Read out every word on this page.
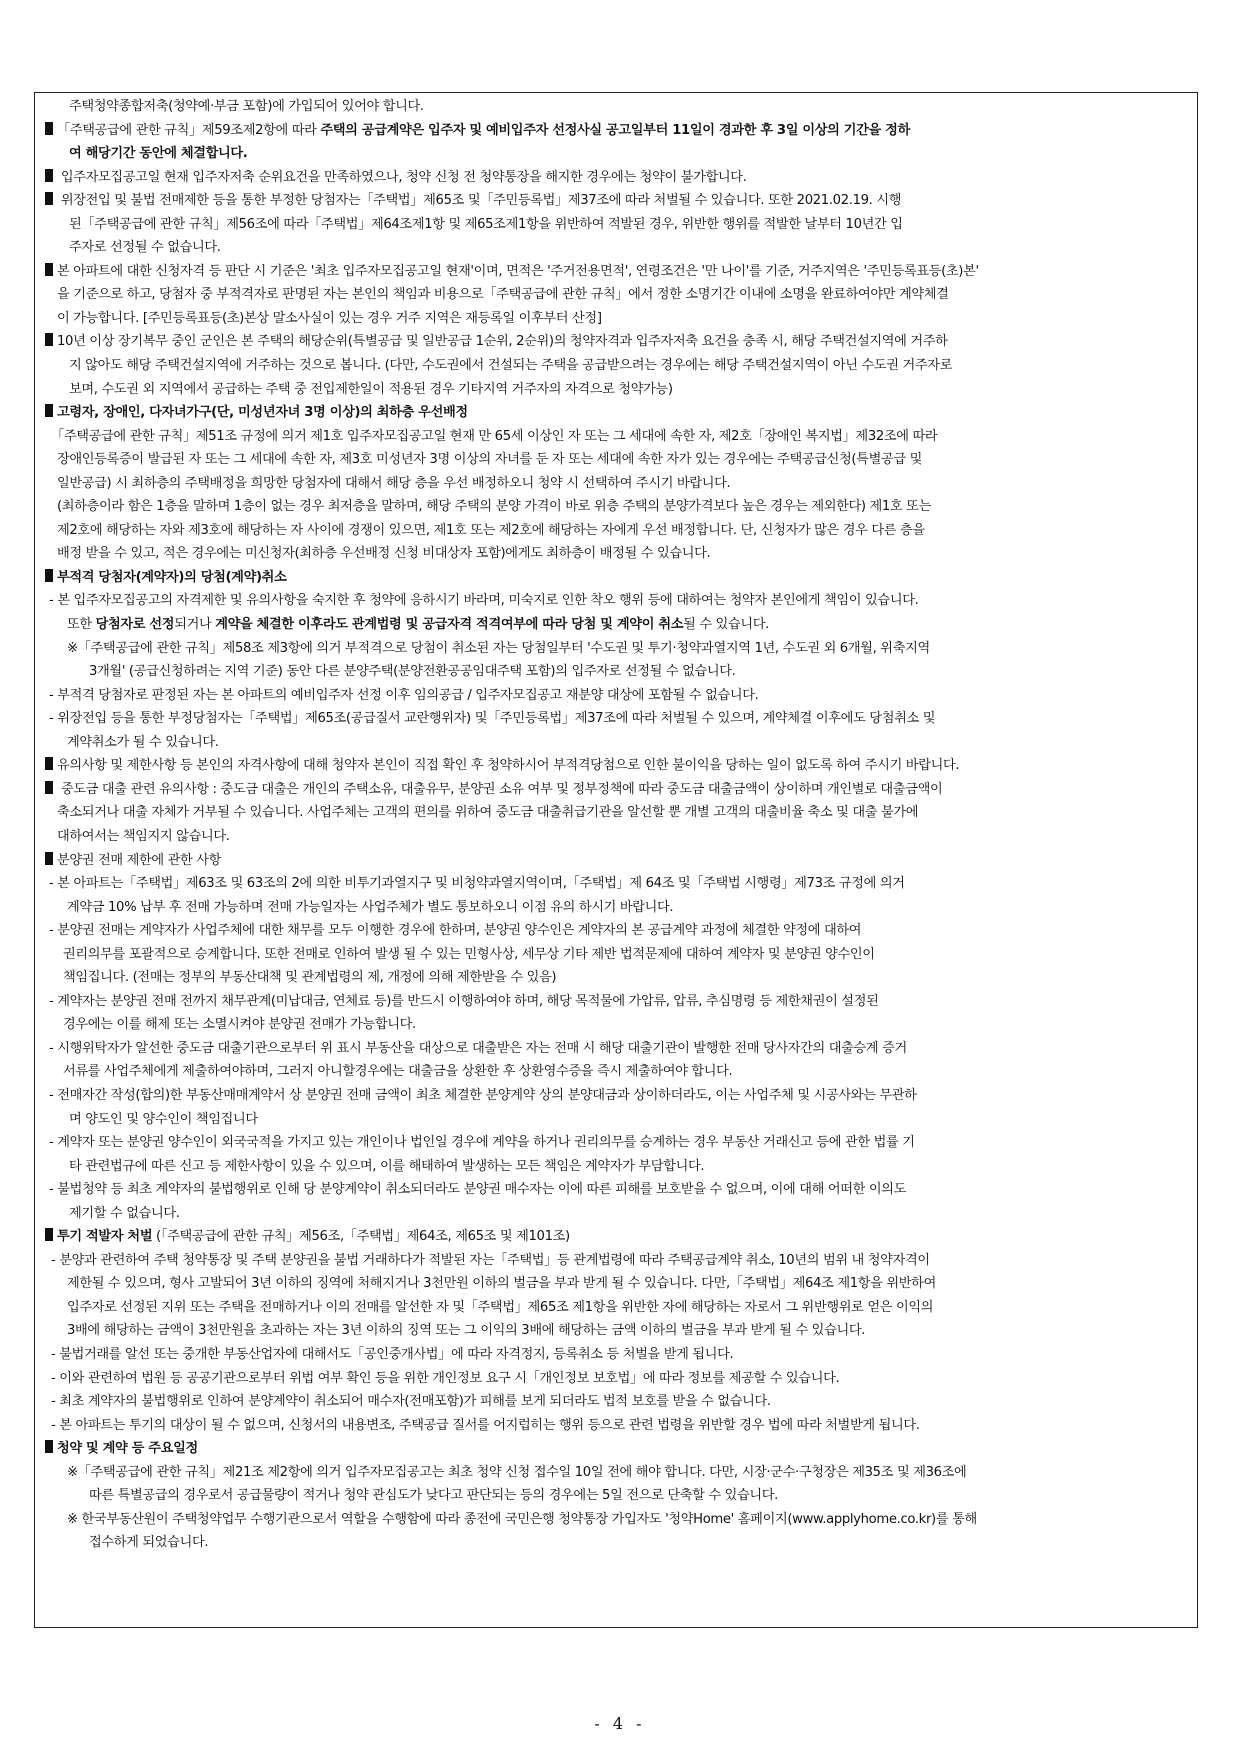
주택청약종합저축(청약예·부금 포함)에 가입되어 있어야 합니다.
「주택공급에 관한 규칙」제59조제2항에 따라 주택의 공급계약은 입주자 및 예비입주자 선정사실 공고일부터 11일이 경과한 후 3일 이상의 기간을 정하
여 해당기간 동안에 체결합니다.
입주자모집공고일 현재 입주자저축 순위요건을 만족하였으나, 청약 신청 전 청약통장을 해지한 경우에는 청약이 불가합니다.
위장전입 및 불법 전매제한 등을 통한 부정한 당첨자는「주택법」제65조 및「주민등록법」제37조에 따라 처벌될 수 있습니다. 또한 2021.02.19. 시행
된「주택공급에 관한 규칙」제56조에 따라「주택법」제64조제1항 및 제65조제1항을 위반하여 적발된 경우, 위반한 행위를 적발한 날부터 10년간 입
주자로 선정될 수 없습니다.
본 아파트에 대한 신청자격 등 판단 시 기준은 '최초 입주자모집공고일 현재'이며, 면적은 '주거전용면적', 연령조건은 '만 나이'를 기준, 거주지역은 '주민등록표등(초)본'
을 기준으로 하고, 당첨자 중 부적격자로 판명된 자는 본인의 책임과 비용으로「주택공급에 관한 규칙」에서 정한 소명기간 이내에 소명을 완료하여야만 계약체결
이 가능합니다. [주민등록표등(초)본상 말소사실이 있는 경우 거주 지역은 재등록일 이후부터 산정]
10년 이상 장기복무 중인 군인은 본 주택의 해당순위(특별공급 및 일반공급 1순위, 2순위)의 청약자격과 입주자저축 요건을 충족 시, 해당 주택건설지역에 거주하
지 않아도 해당 주택건설지역에 거주하는 것으로 봅니다. (다만, 수도권에서 건설되는 주택을 공급받으려는 경우에는 해당 주택건설지역이 아닌 수도권 거주자로
보며, 수도권 외 지역에서 공급하는 주택 중 전입제한일이 적용된 경우 기타지역 거주자의 자격으로 청약가능)
고령자, 장애인, 다자녀가구(단, 미성년자녀 3명 이상)의 최하층 우선배정
「주택공급에 관한 규칙」제51조 규정에 의거 제1호 입주자모집공고일 현재 만 65세 이상인 자 또는 그 세대에 속한 자, 제2호「장애인 복지법」제32조에 따라
장애인등록증이 발급된 자 또는 그 세대에 속한 자, 제3호 미성년자 3명 이상의 자녀를 둔 자 또는 세대에 속한 자가 있는 경우에는 주택공급신청(특별공급 및
일반공급) 시 최하층의 주택배정을 희망한 당첨자에 대해서 해당 층을 우선 배정하오니 청약 시 선택하여 주시기 바랍니다.
(최하층이라 함은 1층을 말하며 1층이 없는 경우 최저층을 말하며, 해당 주택의 분양 가격이 바로 위층 주택의 분양가격보다 높은 경우는 제외한다) 제1호 또는
제2호에 해당하는 자와 제3호에 해당하는 자 사이에 경쟁이 있으면, 제1호 또는 제2호에 해당하는 자에게 우선 배정합니다. 단, 신청자가 많은 경우 다른 층을
배정 받을 수 있고, 적은 경우에는 미신청자(최하층 우선배정 신청 비대상자 포함)에게도 최하층이 배정될 수 있습니다.
부적격 당첨자(계약자)의 당첨(계약)취소
- 본 입주자모집공고의 자격제한 및 유의사항을 숙지한 후 청약에 응하시기 바라며, 미숙지로 인한 착오 행위 등에 대하여는 청약자 본인에게 책임이 있습니다.
또한 당첨자로 선정되거나 계약을 체결한 이후라도 관계법령 및 공급자격 적격여부에 따라 당첨 및 계약이 취소될 수 있습니다.
※「주택공급에 관한 규칙」제58조 제3항에 의거 부적격으로 당첨이 취소된 자는 당첨일부터 '수도권 및 투기·청약과열지역 1년, 수도권 외 6개월, 위축지역
3개월' (공급신청하려는 지역 기준) 동안 다른 분양주택(분양전환공공임대주택 포함)의 입주자로 선정될 수 없습니다.
- 부적격 당첨자로 판정된 자는 본 아파트의 예비입주자 선정 이후 임의공급 / 입주자모집공고 재분양 대상에 포함될 수 없습니다.
- 위장전입 등을 통한 부정당첨자는「주택법」제65조(공급질서 교란행위자) 및「주민등록법」제37조에 따라 처벌될 수 있으며, 계약체결 이후에도 당첨취소 및
계약취소가 될 수 있습니다.
유의사항 및 제한사항 등 본인의 자격사항에 대해 청약자 본인이 직접 확인 후 청약하시어 부적격당첨으로 인한 불이익을 당하는 일이 없도록 하여 주시기 바랍니다.
중도금 대출 관련 유의사항 : 중도금 대출은 개인의 주택소유, 대출유무, 분양권 소유 여부 및 정부정책에 따라 중도금 대출금액이 상이하며 개인별로 대출금액이
축소되거나 대출 자체가 거부될 수 있습니다. 사업주체는 고객의 편의를 위하여 중도금 대출취급기관을 알선할 뿐 개별 고객의 대출비율 축소 및 대출 불가에
대하여서는 책임지지 않습니다.
분양권 전매 제한에 관한 사항
- 본 아파트는「주택법」제63조 및 63조의 2에 의한 비투기과열지구 및 비청약과열지역이며,「주택법」제 64조 및「주택법 시행령」제73조 규정에 의거
계약금 10% 납부 후 전매 가능하며 전매 가능일자는 사업주체가 별도 통보하오니 이점 유의 하시기 바랍니다.
- 분양권 전매는 계약자가 사업주체에 대한 채무를 모두 이행한 경우에 한하며, 분양권 양수인은 계약자의 본 공급계약 과정에 체결한 약정에 대하여
권리의무를 포괄적으로 승계합니다. 또한 전매로 인하여 발생 될 수 있는 민형사상, 세무상 기타 제반 법적문제에 대하여 계약자 및 분양권 양수인이
책임집니다. (전매는 정부의 부동산대책 및 관계법령의 제, 개정에 의해 제한받을 수 있음)
- 계약자는 분양권 전매 전까지 채무관계(미납대금, 연체료 등)를 반드시 이행하여야 하며, 해당 목적물에 가압류, 압류, 추심명령 등 제한채권이 설정된
경우에는 이를 해제 또는 소멸시켜야 분양권 전매가 가능합니다.
- 시행위탁자가 알선한 중도금 대출기관으로부터 위 표시 부동산을 대상으로 대출받은 자는 전매 시 해당 대출기관이 발행한 전매 당사자간의 대출승계 증거
서류를 사업주체에게 제출하여야하며, 그러지 아니할경우에는 대출금을 상환한 후 상환영수증을 즉시 제출하여야 합니다.
- 전매자간 작성(합의)한 부동산매매계약서 상 분양권 전매 금액이 최초 체결한 분양계약 상의 분양대금과 상이하더라도, 이는 사업주체 및 시공사와는 무관하
며 양도인 및 양수인이 책임집니다
- 계약자 또는 분양권 양수인이 외국국적을 가지고 있는 개인이나 법인일 경우에 계약을 하거나 권리의무를 승계하는 경우 부동산 거래신고 등에 관한 법률 기
타 관련법규에 따른 신고 등 제한사항이 있을 수 있으며, 이를 해태하여 발생하는 모든 책임은 계약자가 부담합니다.
- 불법청약 등 최초 계약자의 불법행위로 인해 당 분양계약이 취소되더라도 분양권 매수자는 이에 따른 피해를 보호받을 수 없으며, 이에 대해 어떠한 이의도
제기할 수 없습니다.
투기 적발자 처벌 (「주택공급에 관한 규칙」제56조,「주택법」제64조, 제65조 및 제101조)
- 분양과 관련하여 주택 청약통장 및 주택 분양권을 불법 거래하다가 적발된 자는「주택법」등 관계법령에 따라 주택공급계약 취소, 10년의 범위 내 청약자격이
제한될 수 있으며, 형사 고발되어 3년 이하의 징역에 처해지거나 3천만원 이하의 벌금을 부과 받게 될 수 있습니다. 다만,「주택법」제64조 제1항을 위반하여
입주자로 선정된 지위 또는 주택을 전매하거나 이의 전매를 알선한 자 및「주택법」제65조 제1항을 위반한 자에 해당하는 자로서 그 위반행위로 얻은 이익의
3배에 해당하는 금액이 3천만원을 초과하는 자는 3년 이하의 징역 또는 그 이익의 3배에 해당하는 금액 이하의 벌금을 부과 받게 될 수 있습니다.
- 불법거래를 알선 또는 중개한 부동산업자에 대해서도「공인중개사법」에 따라 자격정지, 등록취소 등 처벌을 받게 됩니다.
- 이와 관련하여 법원 등 공공기관으로부터 위법 여부 확인 등을 위한 개인정보 요구 시「개인정보 보호법」에 따라 정보를 제공할 수 있습니다.
- 최초 계약자의 불법행위로 인하여 분양계약이 취소되어 매수자(전매포함)가 피해를 보게 되더라도 법적 보호를 받을 수 없습니다.
- 본 아파트는 투기의 대상이 될 수 없으며, 신청서의 내용변조, 주택공급 질서를 어지럽히는 행위 등으로 관련 법령을 위반할 경우 법에 따라 처벌받게 됩니다.
청약 및 계약 등 주요일정
※「주택공급에 관한 규칙」제21조 제2항에 의거 입주자모집공고는 최초 청약 신청 접수일 10일 전에 해야 합니다. 다만, 시장·군수·구청장은 제35조 및 제36조에
따른 특별공급의 경우로서 공급물량이 적거나 청약 관심도가 낮다고 판단되는 등의 경우에는 5일 전으로 단축할 수 있습니다.
※ 한국부동산원이 주택청약업무 수행기관으로서 역할을 수행함에 따라 종전에 국민은행 청약통장 가입자도 '청약Home' 홈페이지(www.applyhome.co.kr)를 통해
접수하게 되었습니다.
- 4 -
